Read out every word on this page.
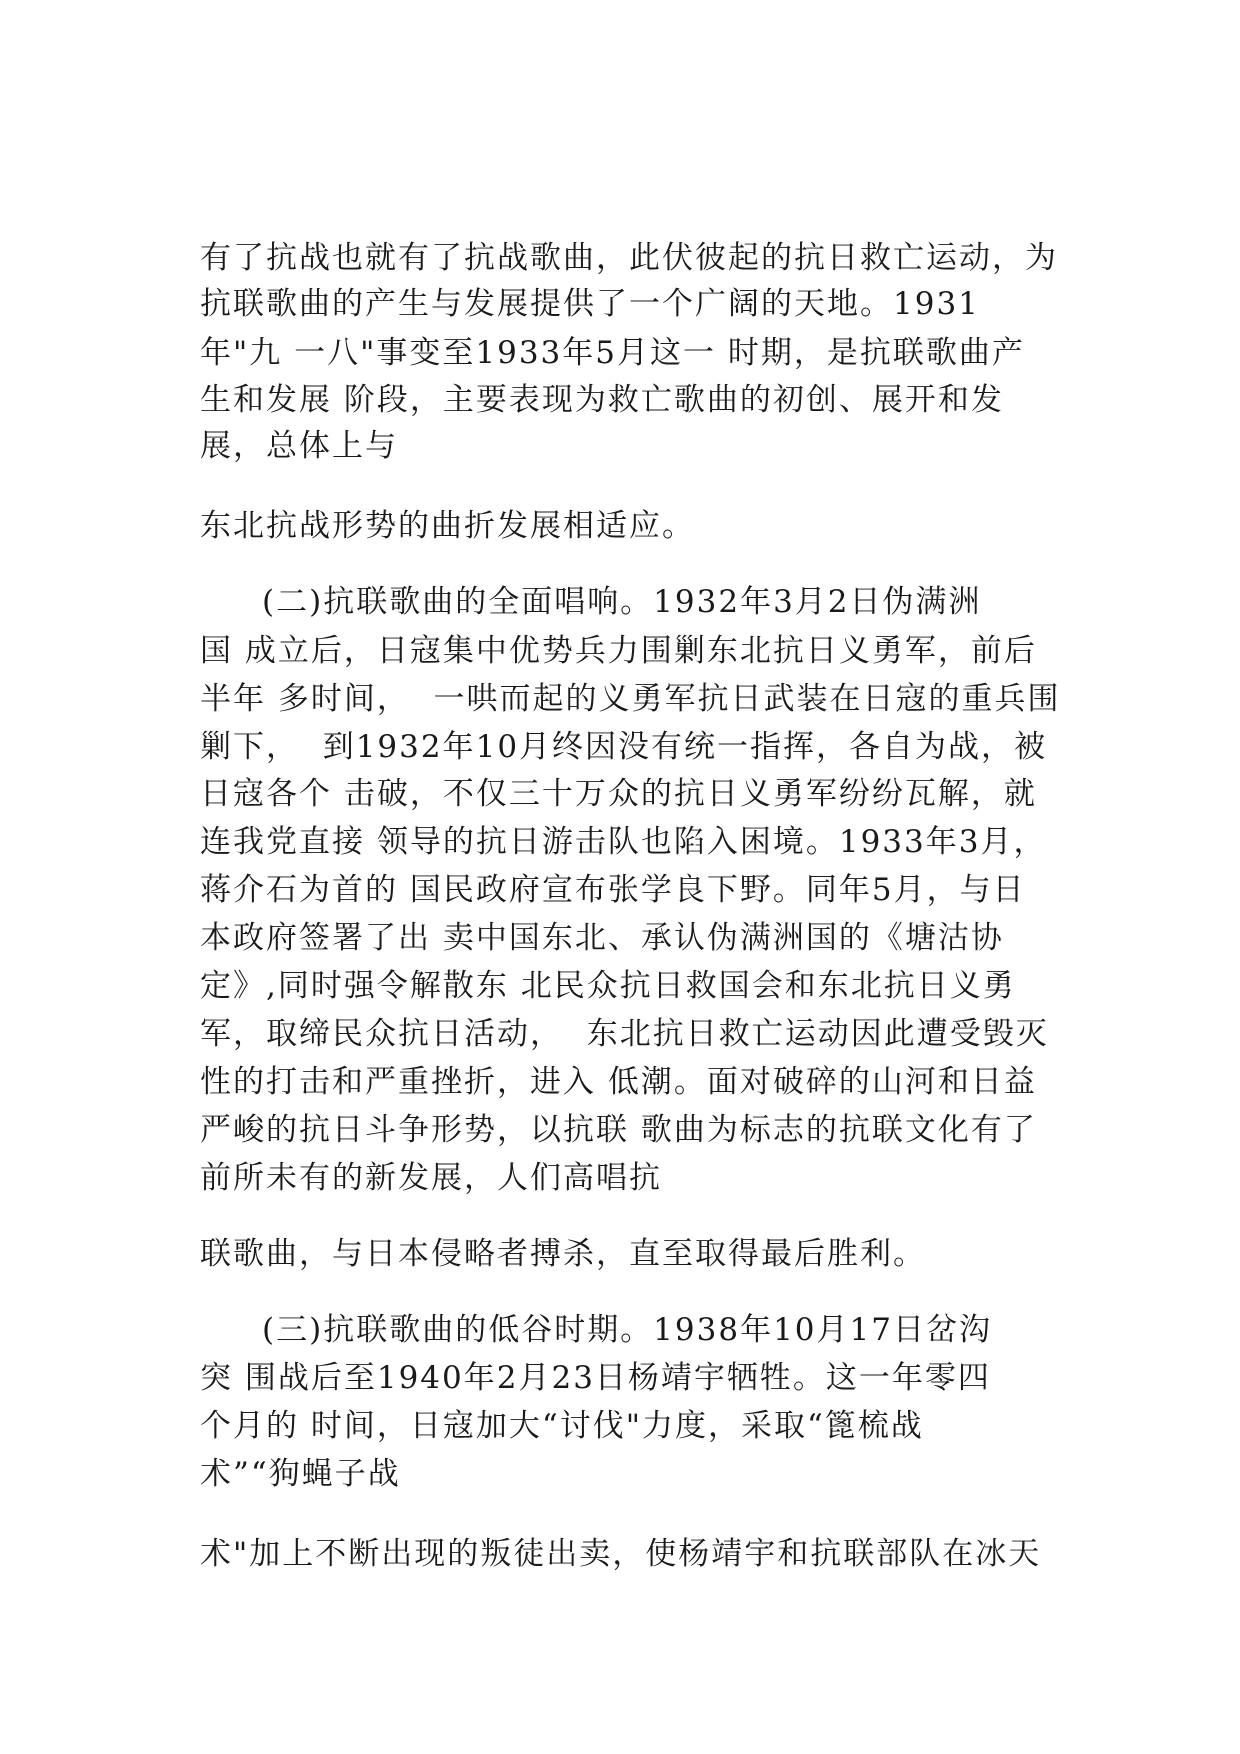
有了抗战也就有了抗战歌曲，此伏彼起的抗日救亡运动，为
抗联歌曲的产生与发展提供了一个广阔的天地。1931
年"九 一八"事变至1933年5月这一 时期，是抗联歌曲产
生和发展 阶段，主要表现为救亡歌曲的初创、展开和发
展，总体上与
东北抗战形势的曲折发展相适应。
(二)抗联歌曲的全面唱响。1932年3月2日伪满洲
国 成立后，日寇集中优势兵力围剿东北抗日义勇军，前后
半年 多时间，  一哄而起的义勇军抗日武装在日寇的重兵围
剿下，  到1932年10月终因没有统一指挥，各自为战，被
日寇各个 击破，不仅三十万众的抗日义勇军纷纷瓦解，就
连我党直接 领导的抗日游击队也陷入困境。1933年3月，
蒋介石为首的 国民政府宣布张学良下野。同年5月，与日
本政府签署了出 卖中国东北、承认伪满洲国的《塘沽协
定》,同时强令解散东 北民众抗日救国会和东北抗日义勇
军，取缔民众抗日活动，  东北抗日救亡运动因此遭受毁灭
性的打击和严重挫折，进入 低潮。面对破碎的山河和日益
严峻的抗日斗争形势，以抗联 歌曲为标志的抗联文化有了
前所未有的新发展，人们高唱抗
联歌曲，与日本侵略者搏杀，直至取得最后胜利。
(三)抗联歌曲的低谷时期。1938年10月17日岔沟
突 围战后至1940年2月23日杨靖宇牺牲。这一年零四
个月的 时间，日寇加大“讨伐"力度，采取“篦梳战
术”“狗蝇子战
术"加上不断出现的叛徒出卖，使杨靖宇和抗联部队在冰天
